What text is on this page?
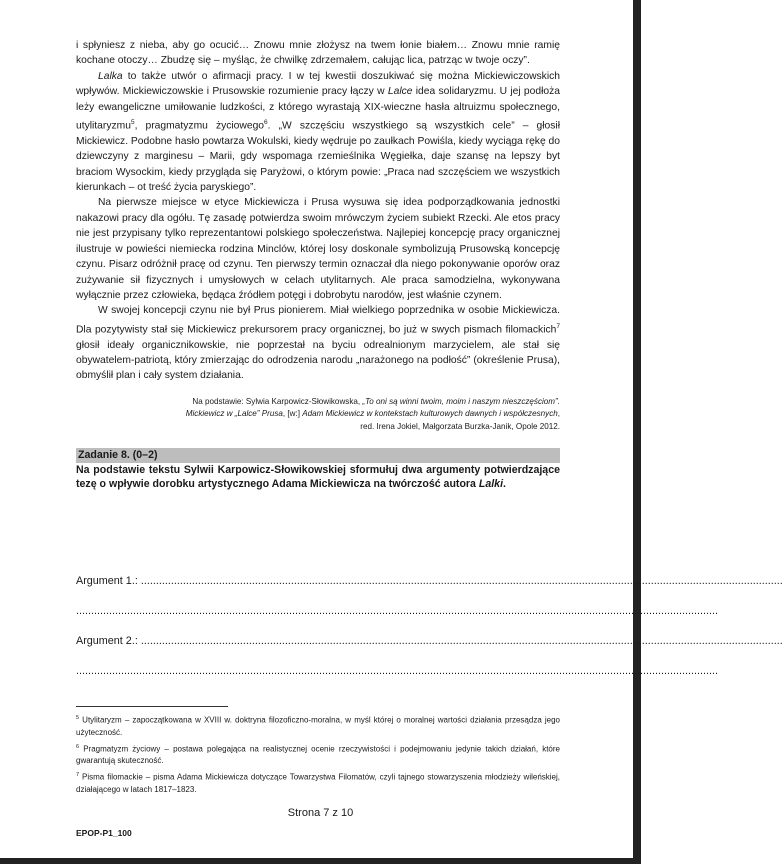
i spłyniesz z nieba, aby go ocucić… Znowu mnie złożysz na twem łonie białem… Znowu mnie ramię kochane otoczy… Zbudzę się – myśląc, że chwilkę zdrzemałem, całując lica, patrząc w twoje oczy”.

Lalka to także utwór o afirmacji pracy. I w tej kwestii doszukiwać się można Mickiewiczowskich wpływów. Mickiewiczowskie i Prusowskie rozumienie pracy łączy w Lalce idea solidaryzmu. U jej podłoża leży ewangeliczne umiłowanie ludzkości, z którego wyrastają XIX-wieczne hasła altruizmu społecznego, utylitaryzmu$^5$, pragmatyzmu życiowego$^6$. „W szczęściu wszystkiego są wszystkich cele” – głosił Mickiewicz. Podobne hasło powtarza Wokulski, kiedy wędruje po zaułkach Powiśla, kiedy wyciąga rękę do dziewczyny z marginesu – Marii, gdy wspomaga rzemieślnika Węgiełka, daje szansę na lepszy byt braciom Wysockim, kiedy przygląda się Paryżowi, o którym powie: „Praca nad szczęściem we wszystkich kierunkach – ot treść życia paryskiego”.

Na pierwsze miejsce w etyce Mickiewicza i Prusa wysuwa się idea podporządkowania jednostki nakazowi pracy dla ogółu. Tę zasadę potwierdza swoim mrówczym życiem subiekt Rzecki. Ale etos pracy nie jest przypisany tylko reprezentantowi polskiego społeczeństwa. Najlepiej koncepcję pracy organicznej ilustruje w powieści niemiecka rodzina Minclów, której losy doskonale symbolizują Prusowską koncepcję czynu. Pisarz odróżnił pracę od czynu. Ten pierwszy termin oznaczał dla niego pokonywanie oporów oraz zużywanie sił fizycznych i umysłowych w celach utylitarnych. Ale praca samodzielna, wykonywana wyłącznie przez człowieka, będąca źródłem potęgi i dobrobytu narodów, jest właśnie czynem.

W swojej koncepcji czynu nie był Prus pionierem. Miał wielkiego poprzednika w osobie Mickiewicza. Dla pozytywisty stał się Mickiewicz prekursorem pracy organicznej, bo już w swych pismach filomackich$^7$ głosił ideały organicznikowskie, nie poprzestał na byciu odrealnionym marzycielem, ale stał się obywatelem-patriotą, który zmierzając do odrodzenia narodu „narażonego na podłość” (określenie Prusa), obmyślił plan i cały system działania.

Na podstawie: Sylwia Karpowicz-Słowikowska, „To oni są winni twoim, moim i naszym nieszczęściom”.
Mickiewicz w „Lalce” Prusa, [w:] Adam Mickiewicz w kontekstach kulturowych dawnych i współczesnych,
red. Irena Jokiel, Małgorzata Burzka-Janik, Opole 2012.
Zadanie 8. (0–2)

Na podstawie tekstu Sylwii Karpowicz-Słowikowskiej sformułuj dwa argumenty potwierdzające tezę o wpływie dorobku artystycznego Adama Mickiewicza na twórczość autora Lalki.

Argument 1.: ......................................................................................................................................................................................................................
......................................................................................................................................................................................................................
Argument 2.: ......................................................................................................................................................................................................................
......................................................................................................................................................................................................................

$^5$ Utylitaryzm – zapoczątkowana w XVIII w. doktryna filozoficzno-moralna, w myśl której o moralnej wartości działania przesądza jego użyteczność.

$^6$ Pragmatyzm życiowy – postawa polegająca na realistycznej ocenie rzeczywistości i podejmowaniu jedynie takich działań, które gwarantują skuteczność.

$^7$ Pisma filomackie – pisma Adama Mickiewicza dotyczące Towarzystwa Filomatów, czyli tajnego stowarzyszenia młodzieży wileńskiej, działającego w latach 1817–1823.

Strona 7 z 10
EPOP-P1_100
